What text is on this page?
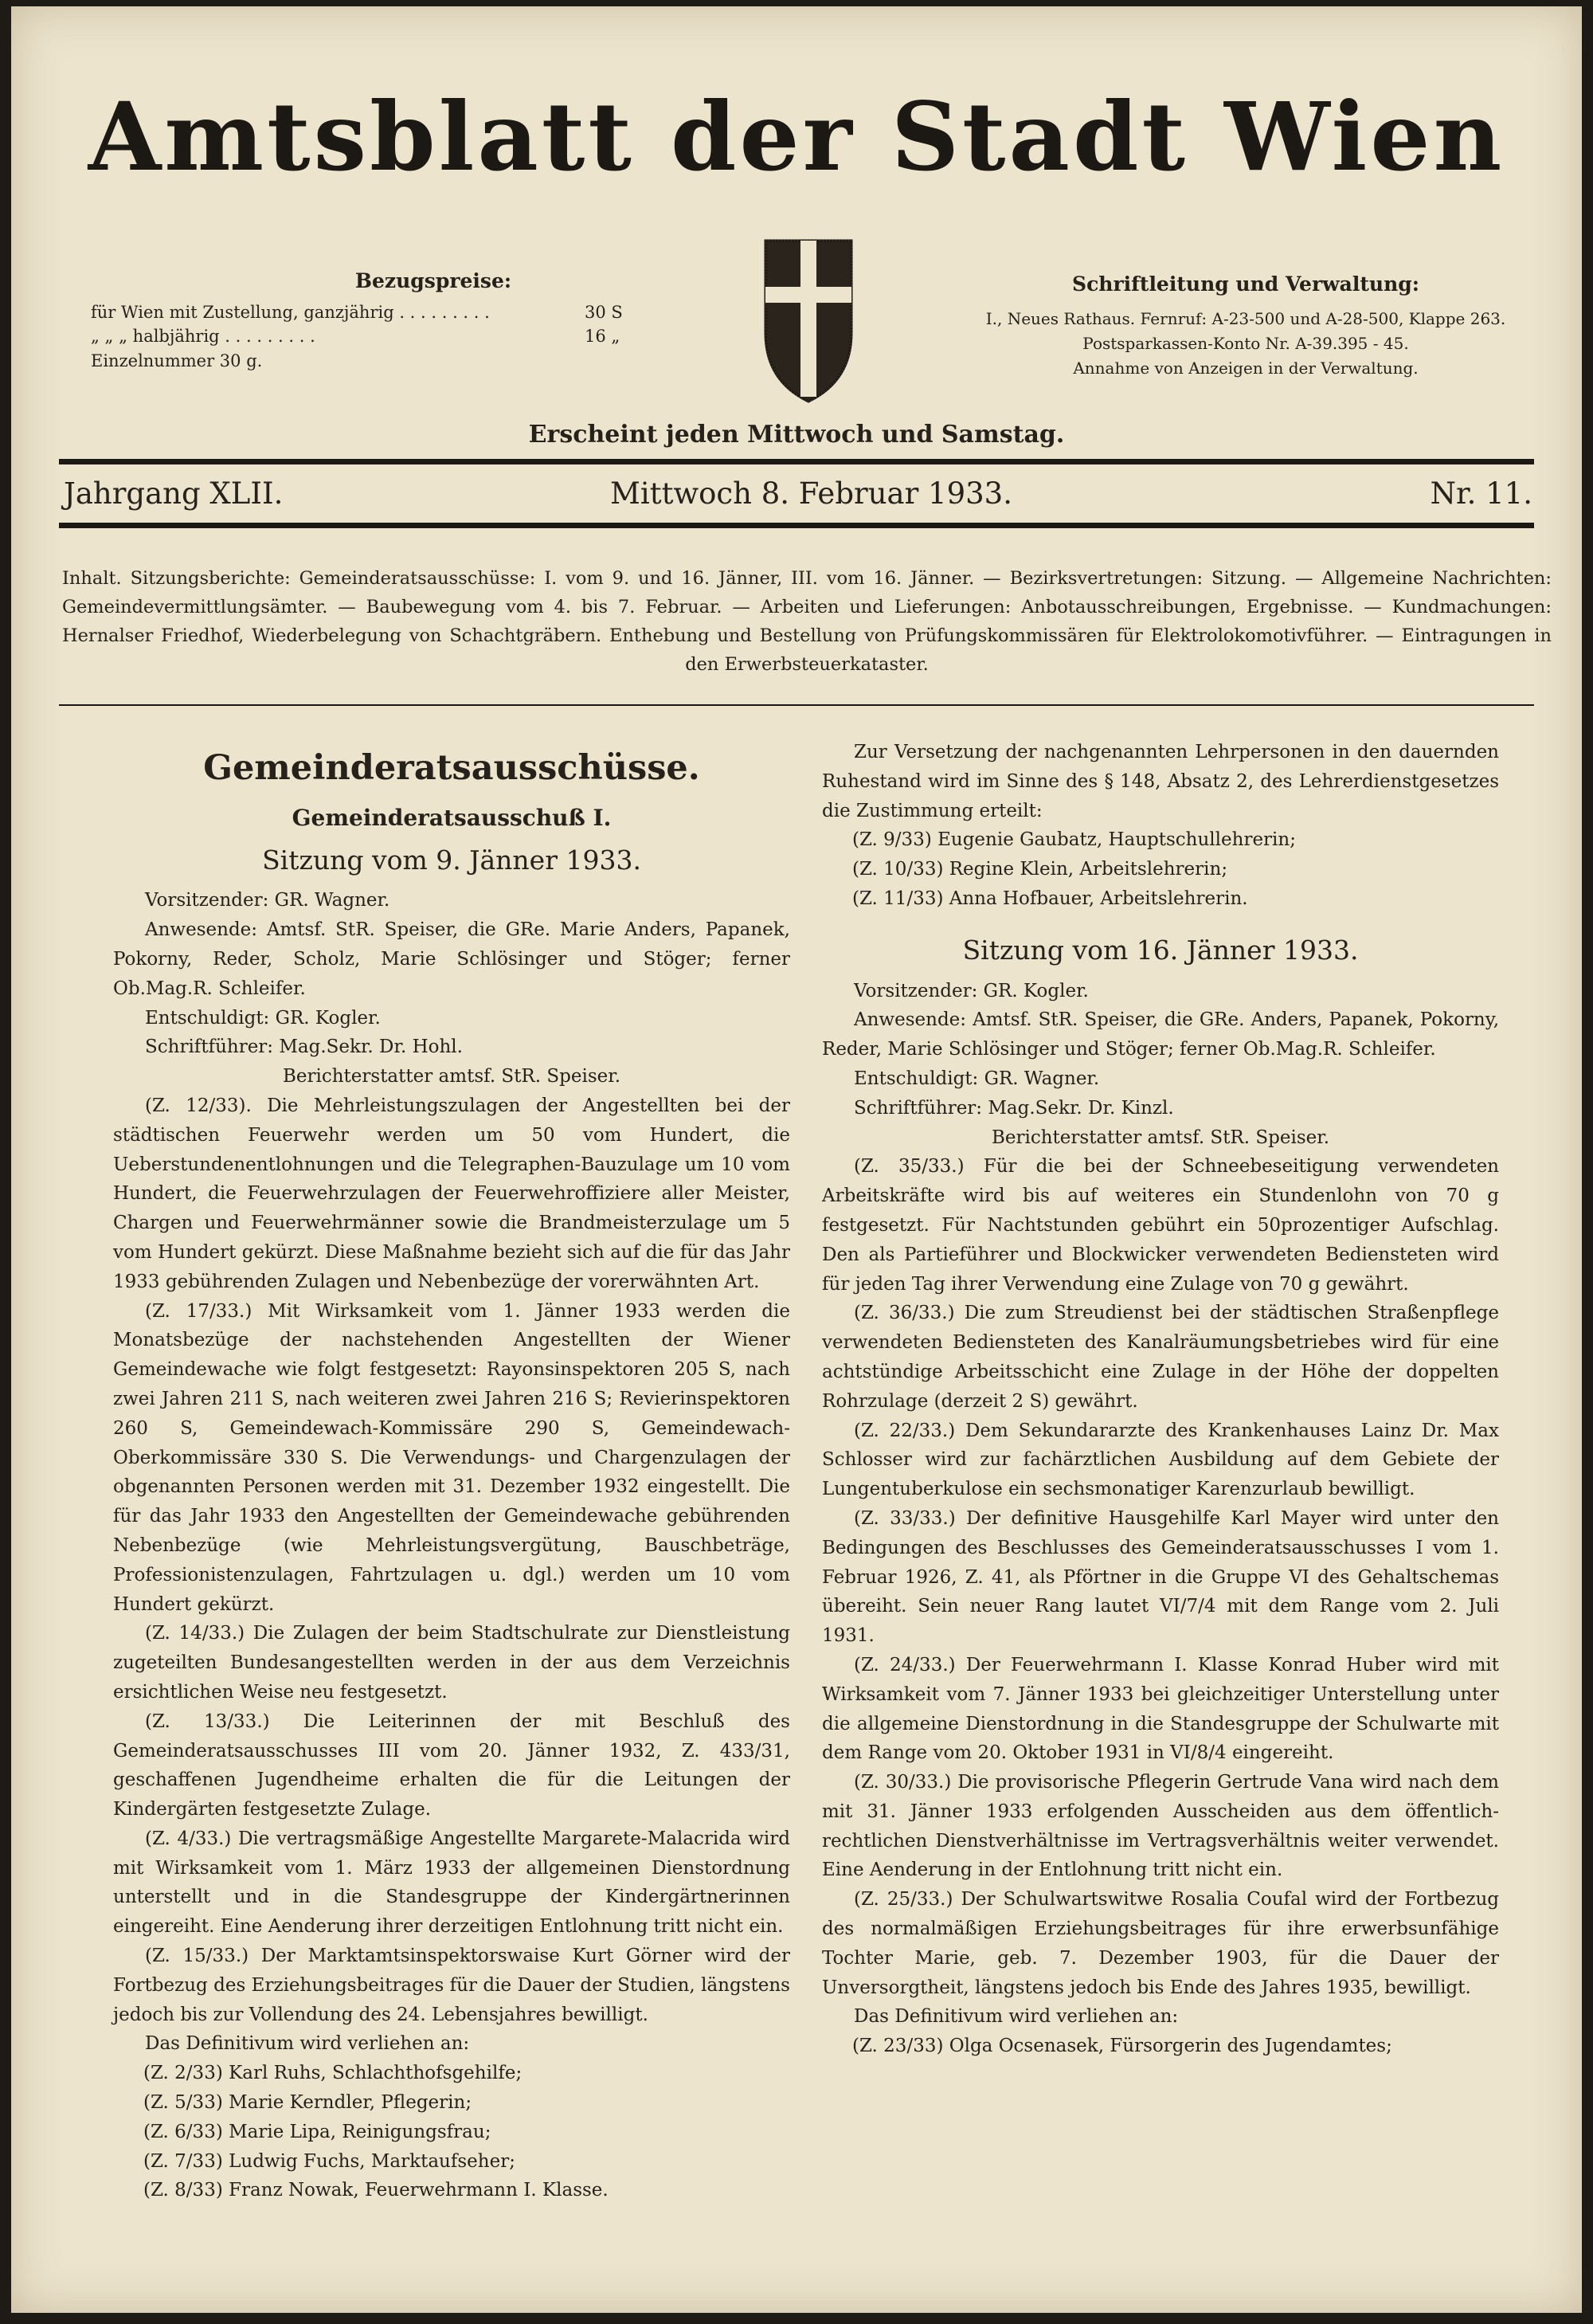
Amtsblatt der Stadt Wien
Bezugspreise:
für Wien mit Zustellung, ganzjährig . . . . . . . . .	30 S
„ „ „ halbjährig . . . . . . . . .	16 „
Einzelnummer 30 g.
Schriftleitung und Verwaltung:
I., Neues Rathaus. Fernruf: A-23-500 und A-28-500, Klappe 263.
Postsparkassen-Konto Nr. A-39.395 - 45.
Annahme von Anzeigen in der Verwaltung.
Erscheint jeden Mittwoch und Samstag.
Jahrgang XLII.	Mittwoch 8. Februar 1933.	Nr. 11.
Inhalt. Sitzungsberichte: Gemeinderatsausschüsse: I. vom 9. und 16. Jänner, III. vom 16. Jänner. — Bezirksvertretungen: Sitzung. — Allgemeine Nachrichten: Gemeindevermittlungsämter. — Baubewegung vom 4. bis 7. Februar. — Arbeiten und Lieferungen: Anbotausschreibungen, Ergebnisse. — Kundmachungen: Hernalser Friedhof, Wiederbelegung von Schachtgräbern. Enthebung und Bestellung von Prüfungskommissären für Elektrolokomotivführer. — Eintragungen in den Erwerbsteuerkataster.

Gemeinderatsausschüsse.

Gemeinderatsausschuß I.

Sitzung vom 9. Jänner 1933.

Vorsitzender: GR. Wagner.

Anwesende: Amtsf. StR. Speiser, die GRe. Marie Anders, Papanek, Pokorny, Reder, Scholz, Marie Schlösinger und Stöger; ferner Ob.Mag.R. Schleifer.

Entschuldigt: GR. Kogler.

Schriftführer: Mag.Sekr. Dr. Hohl.

Berichterstatter amtsf. StR. Speiser.

(Z. 12/33). Die Mehrleistungszulagen der Angestellten bei der städtischen Feuerwehr werden um 50 vom Hundert, die Ueberstundenentlohnungen und die Telegraphen-Bauzulage um 10 vom Hundert, die Feuerwehrzulagen der Feuerwehroffiziere aller Meister, Chargen und Feuerwehrmänner sowie die Brandmeisterzulage um 5 vom Hundert gekürzt. Diese Maßnahme bezieht sich auf die für das Jahr 1933 gebührenden Zulagen und Nebenbezüge der vorerwähnten Art.

(Z. 17/33.) Mit Wirksamkeit vom 1. Jänner 1933 werden die Monatsbezüge der nachstehenden Angestellten der Wiener Gemeindewache wie folgt festgesetzt: Rayonsinspektoren 205 S, nach zwei Jahren 211 S, nach weiteren zwei Jahren 216 S; Revierinspektoren 260 S, Gemeindewach-Kommissäre 290 S, Gemeindewach-Oberkommissäre 330 S. Die Verwendungs- und Chargenzulagen der obgenannten Personen werden mit 31. Dezember 1932 eingestellt. Die für das Jahr 1933 den Angestellten der Gemeindewache gebührenden Nebenbezüge (wie Mehrleistungsvergütung, Bauschbeträge, Professionistenzulagen, Fahrtzulagen u. dgl.) werden um 10 vom Hundert gekürzt.

(Z. 14/33.) Die Zulagen der beim Stadtschulrate zur Dienstleistung zugeteilten Bundesangestellten werden in der aus dem Verzeichnis ersichtlichen Weise neu festgesetzt.

(Z. 13/33.) Die Leiterinnen der mit Beschluß des Gemeinderatsausschusses III vom 20. Jänner 1932, Z. 433/31, geschaffenen Jugendheime erhalten die für die Leitungen der Kindergärten festgesetzte Zulage.

(Z. 4/33.) Die vertragsmäßige Angestellte Margarete-Malacrida wird mit Wirksamkeit vom 1. März 1933 der allgemeinen Dienstordnung unterstellt und in die Standesgruppe der Kindergärtnerinnen eingereiht. Eine Aenderung ihrer derzeitigen Entlohnung tritt nicht ein.

(Z. 15/33.) Der Marktamtsinspektorswaise Kurt Görner wird der Fortbezug des Erziehungsbeitrages für die Dauer der Studien, längstens jedoch bis zur Vollendung des 24. Lebensjahres bewilligt.

Das Definitivum wird verliehen an:

(Z. 2/33) Karl Ruhs, Schlachthofsgehilfe;

(Z. 5/33) Marie Kerndler, Pflegerin;

(Z. 6/33) Marie Lipa, Reinigungsfrau;

(Z. 7/33) Ludwig Fuchs, Marktaufseher;

(Z. 8/33) Franz Nowak, Feuerwehrmann I. Klasse.

Zur Versetzung der nachgenannten Lehrpersonen in den dauernden Ruhestand wird im Sinne des § 148, Absatz 2, des Lehrerdienstgesetzes die Zustimmung erteilt:

(Z. 9/33) Eugenie Gaubatz, Hauptschullehrerin;

(Z. 10/33) Regine Klein, Arbeitslehrerin;

(Z. 11/33) Anna Hofbauer, Arbeitslehrerin.

Sitzung vom 16. Jänner 1933.

Vorsitzender: GR. Kogler.

Anwesende: Amtsf. StR. Speiser, die GRe. Anders, Papanek, Pokorny, Reder, Marie Schlösinger und Stöger; ferner Ob.Mag.R. Schleifer.

Entschuldigt: GR. Wagner.

Schriftführer: Mag.Sekr. Dr. Kinzl.

Berichterstatter amtsf. StR. Speiser.

(Z. 35/33.) Für die bei der Schneebeseitigung verwendeten Arbeitskräfte wird bis auf weiteres ein Stundenlohn von 70 g festgesetzt. Für Nachtstunden gebührt ein 50prozentiger Aufschlag. Den als Partieführer und Blockwicker verwendeten Bediensteten wird für jeden Tag ihrer Verwendung eine Zulage von 70 g gewährt.

(Z. 36/33.) Die zum Streudienst bei der städtischen Straßenpflege verwendeten Bediensteten des Kanalräumungsbetriebes wird für eine achtstündige Arbeitsschicht eine Zulage in der Höhe der doppelten Rohrzulage (derzeit 2 S) gewährt.

(Z. 22/33.) Dem Sekundararzte des Krankenhauses Lainz Dr. Max Schlosser wird zur fachärztlichen Ausbildung auf dem Gebiete der Lungentuberkulose ein sechsmonatiger Karenzurlaub bewilligt.

(Z. 33/33.) Der definitive Hausgehilfe Karl Mayer wird unter den Bedingungen des Beschlusses des Gemeinderatsausschusses I vom 1. Februar 1926, Z. 41, als Pförtner in die Gruppe VI des Gehaltschemas übereiht. Sein neuer Rang lautet VI/7/4 mit dem Range vom 2. Juli 1931.

(Z. 24/33.) Der Feuerwehrmann I. Klasse Konrad Huber wird mit Wirksamkeit vom 7. Jänner 1933 bei gleichzeitiger Unterstellung unter die allgemeine Dienstordnung in die Standesgruppe der Schulwarte mit dem Range vom 20. Oktober 1931 in VI/8/4 eingereiht.

(Z. 30/33.) Die provisorische Pflegerin Gertrude Vana wird nach dem mit 31. Jänner 1933 erfolgenden Ausscheiden aus dem öffentlich-rechtlichen Dienstverhältnisse im Vertragsverhältnis weiter verwendet. Eine Aenderung in der Entlohnung tritt nicht ein.

(Z. 25/33.) Der Schulwartswitwe Rosalia Coufal wird der Fortbezug des normalmäßigen Erziehungsbeitrages für ihre erwerbsunfähige Tochter Marie, geb. 7. Dezember 1903, für die Dauer der Unversorgtheit, längstens jedoch bis Ende des Jahres 1935, bewilligt.

Das Definitivum wird verliehen an:

(Z. 23/33) Olga Ocsenasek, Fürsorgerin des Jugendamtes;
